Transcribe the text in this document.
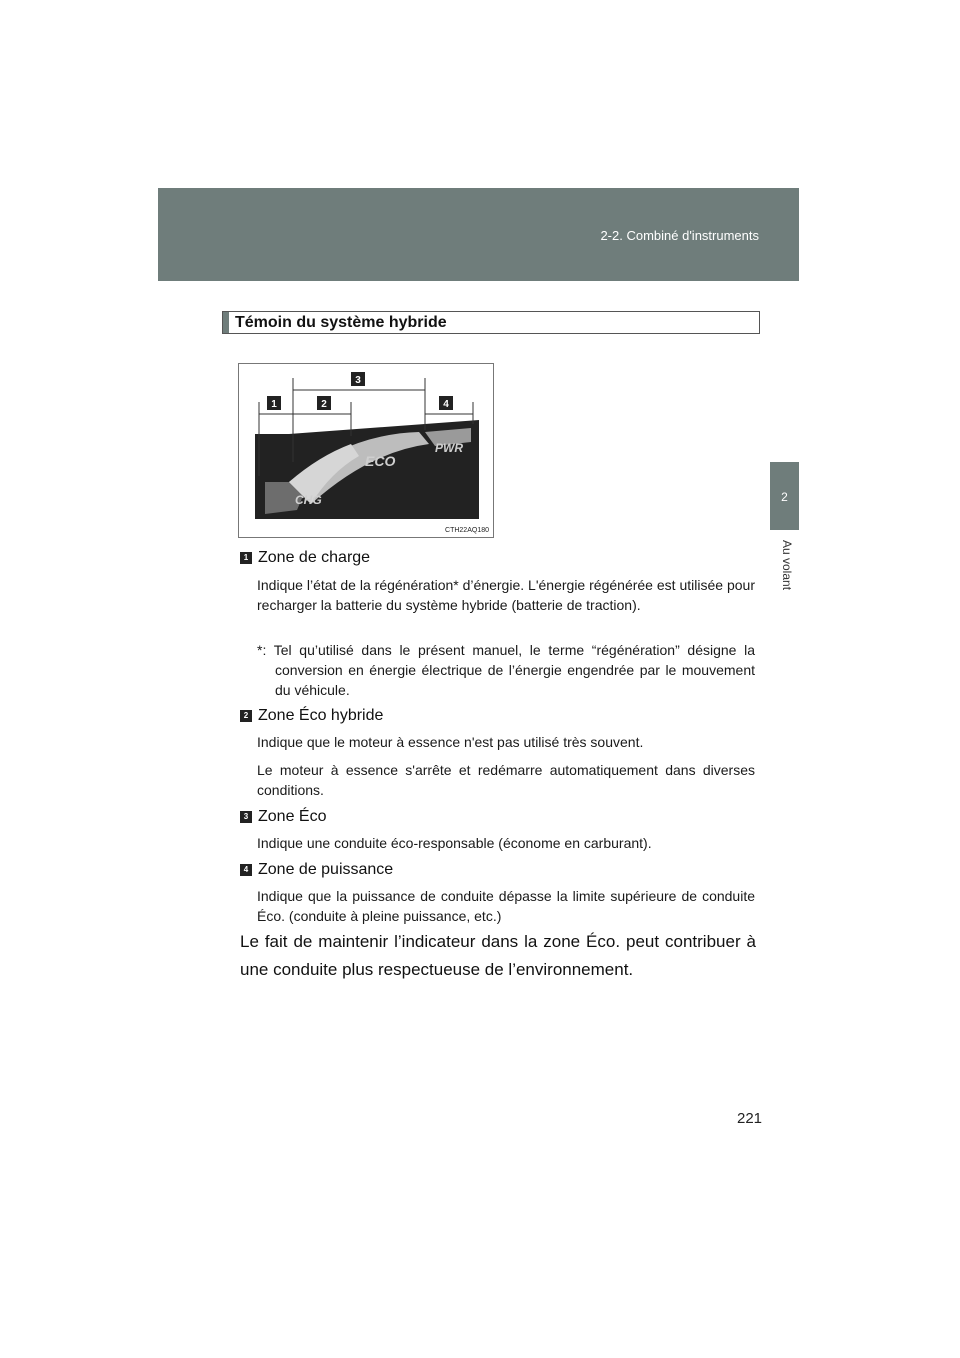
2-2. Combiné d'instruments
2
Au volant
Témoin du système hybride
ECO
PWR
CHG
1	2
3
4
CTH22AQ180
1 Zone de charge
Indique l’état de la régénération* d’énergie. L'énergie régénérée est utilisée pour recharger la batterie du système hybride (batterie de traction).
*: Tel qu’utilisé dans le présent manuel, le terme “régénération” désigne la conversion en énergie électrique de l’énergie engendrée par le mouvement du véhicule.
2 Zone Éco hybride
Indique que le moteur à essence n'est pas utilisé très souvent.
Le moteur à essence s'arrête et redémarre automatiquement dans diverses conditions.
3 Zone Éco
Indique une conduite éco-responsable (économe en carburant).
4 Zone de puissance
Indique que la puissance de conduite dépasse la limite supérieure de conduite Éco. (conduite à pleine puissance, etc.)
Le fait de maintenir l’indicateur dans la zone Éco. peut contribuer à une conduite plus respectueuse de l’environnement.
221
